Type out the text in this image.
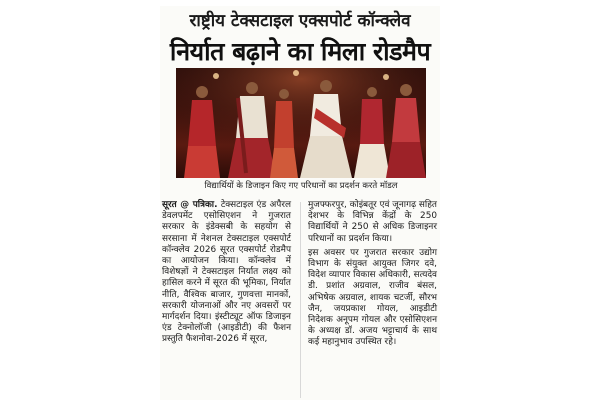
राष्ट्रीय टेक्सटाइल एक्सपोर्ट कॉन्क्लेव
निर्यात बढ़ाने का मिला रोडमैप
विद्यार्थियों के डिजाइन किए गए परिधानों का प्रदर्शन करते मॉडल

सूरत @ पत्रिका. टेक्सटाइल एंड अपैरल डेवलपमेंट एसोसिएशन ने गुजरात सरकार के इंडेक्सबी के सहयोग से सरसाना में नेशनल टेक्सटाइल एक्सपोर्ट कॉन्क्लेव 2026 सूरत एक्सपोर्ट रोडमैप का आयोजन किया। कॉन्क्लेव में विशेषज्ञों ने टेक्सटाइल निर्यात लक्ष्य को हासिल करने में सूरत की भूमिका, निर्यात नीति, वैश्विक बाजार, गुणवत्ता मानकों, सरकारी योजनाओं और नए अवसरों पर मार्गदर्शन दिया। इंस्टीट्यूट ऑफ डिजाइन एंड टेक्नोलॉजी (आइडीटी) की फैशन प्रस्तुति फैशनोवा-2026 में सूरत,

मुजफ्फरपुर, कोइंबतूर एवं जूनागढ़ सहित देशभर के विभिन्न केंद्रों के 250 विद्यार्थियों ने 250 से अधिक डिजाइनर परिधानों का प्रदर्शन किया।

इस अवसर पर गुजरात सरकार उद्योग विभाग के संयुक्त आयुक्त जिगर दवे, विदेश व्यापार विकास अधिकारी, सत्यदेव डी. प्रशांत अग्रवाल, राजीव बंसल, अभिषेक अग्रवाल, शायक चटर्जी, सौरभ जैन, जयप्रकाश गोयल, आइडीटी निदेशक अनूपम गोयल और एसोसिएशन के अध्यक्ष डॉ. अजय भट्टाचार्य के साथ कई महानुभाव उपस्थित रहे।
